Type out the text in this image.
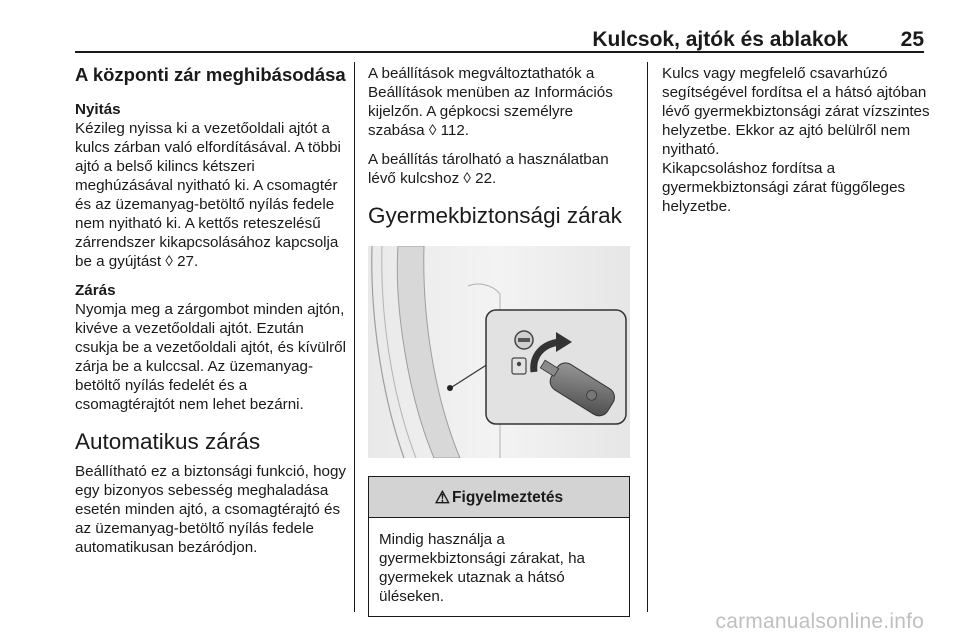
Kulcsok, ajtók és ablakok	25
A központi zár meghibásodása
Nyitás

Kézileg nyissa ki a vezetőoldali ajtót a kulcs zárban való elfordításával. A többi ajtó a belső kilincs kétszeri meghúzásával nyitható ki. A csomagtér és az üzemanyag-betöltő nyílás fedele nem nyitható ki. A kettős reteszelésű zárrendszer kikapcsolásához kapcsolja be a gyújtást ◊ 27.

Zárás

Nyomja meg a zárgombot minden ajtón, kivéve a vezetőoldali ajtót. Ezután csukja be a vezetőoldali ajtót, és kívülről zárja be a kulccsal. Az üzemanyag-betöltő nyílás fedelét és a csomagtérajtót nem lehet bezárni.

Automatikus zárás

Beállítható ez a biztonsági funkció, hogy egy bizonyos sebesség meghaladása esetén minden ajtó, a csomagtérajtó és az üzemanyag-betöltő nyílás fedele automatikusan bezáródjon.

A beállítások megváltoztathatók a Beállítások menüben az Információs kijelzőn. A gépkocsi személyre szabása ◊ 112.

A beállítás tárolható a használatban lévő kulcshoz ◊ 22.

Gyermekbiztonsági zárak
⚠ Figyelmeztetés
Mindig használja a gyermekbiztonsági zárakat, ha gyermekek utaznak a hátsó üléseken.

Kulcs vagy megfelelő csavarhúzó segítségével fordítsa el a hátsó ajtóban lévő gyermekbiztonsági zárat vízszintes helyzetbe. Ekkor az ajtó belülről nem nyitható.

Kikapcsoláshoz fordítsa a gyermekbiztonsági zárat függőleges helyzetbe.

carmanualsonline.info
